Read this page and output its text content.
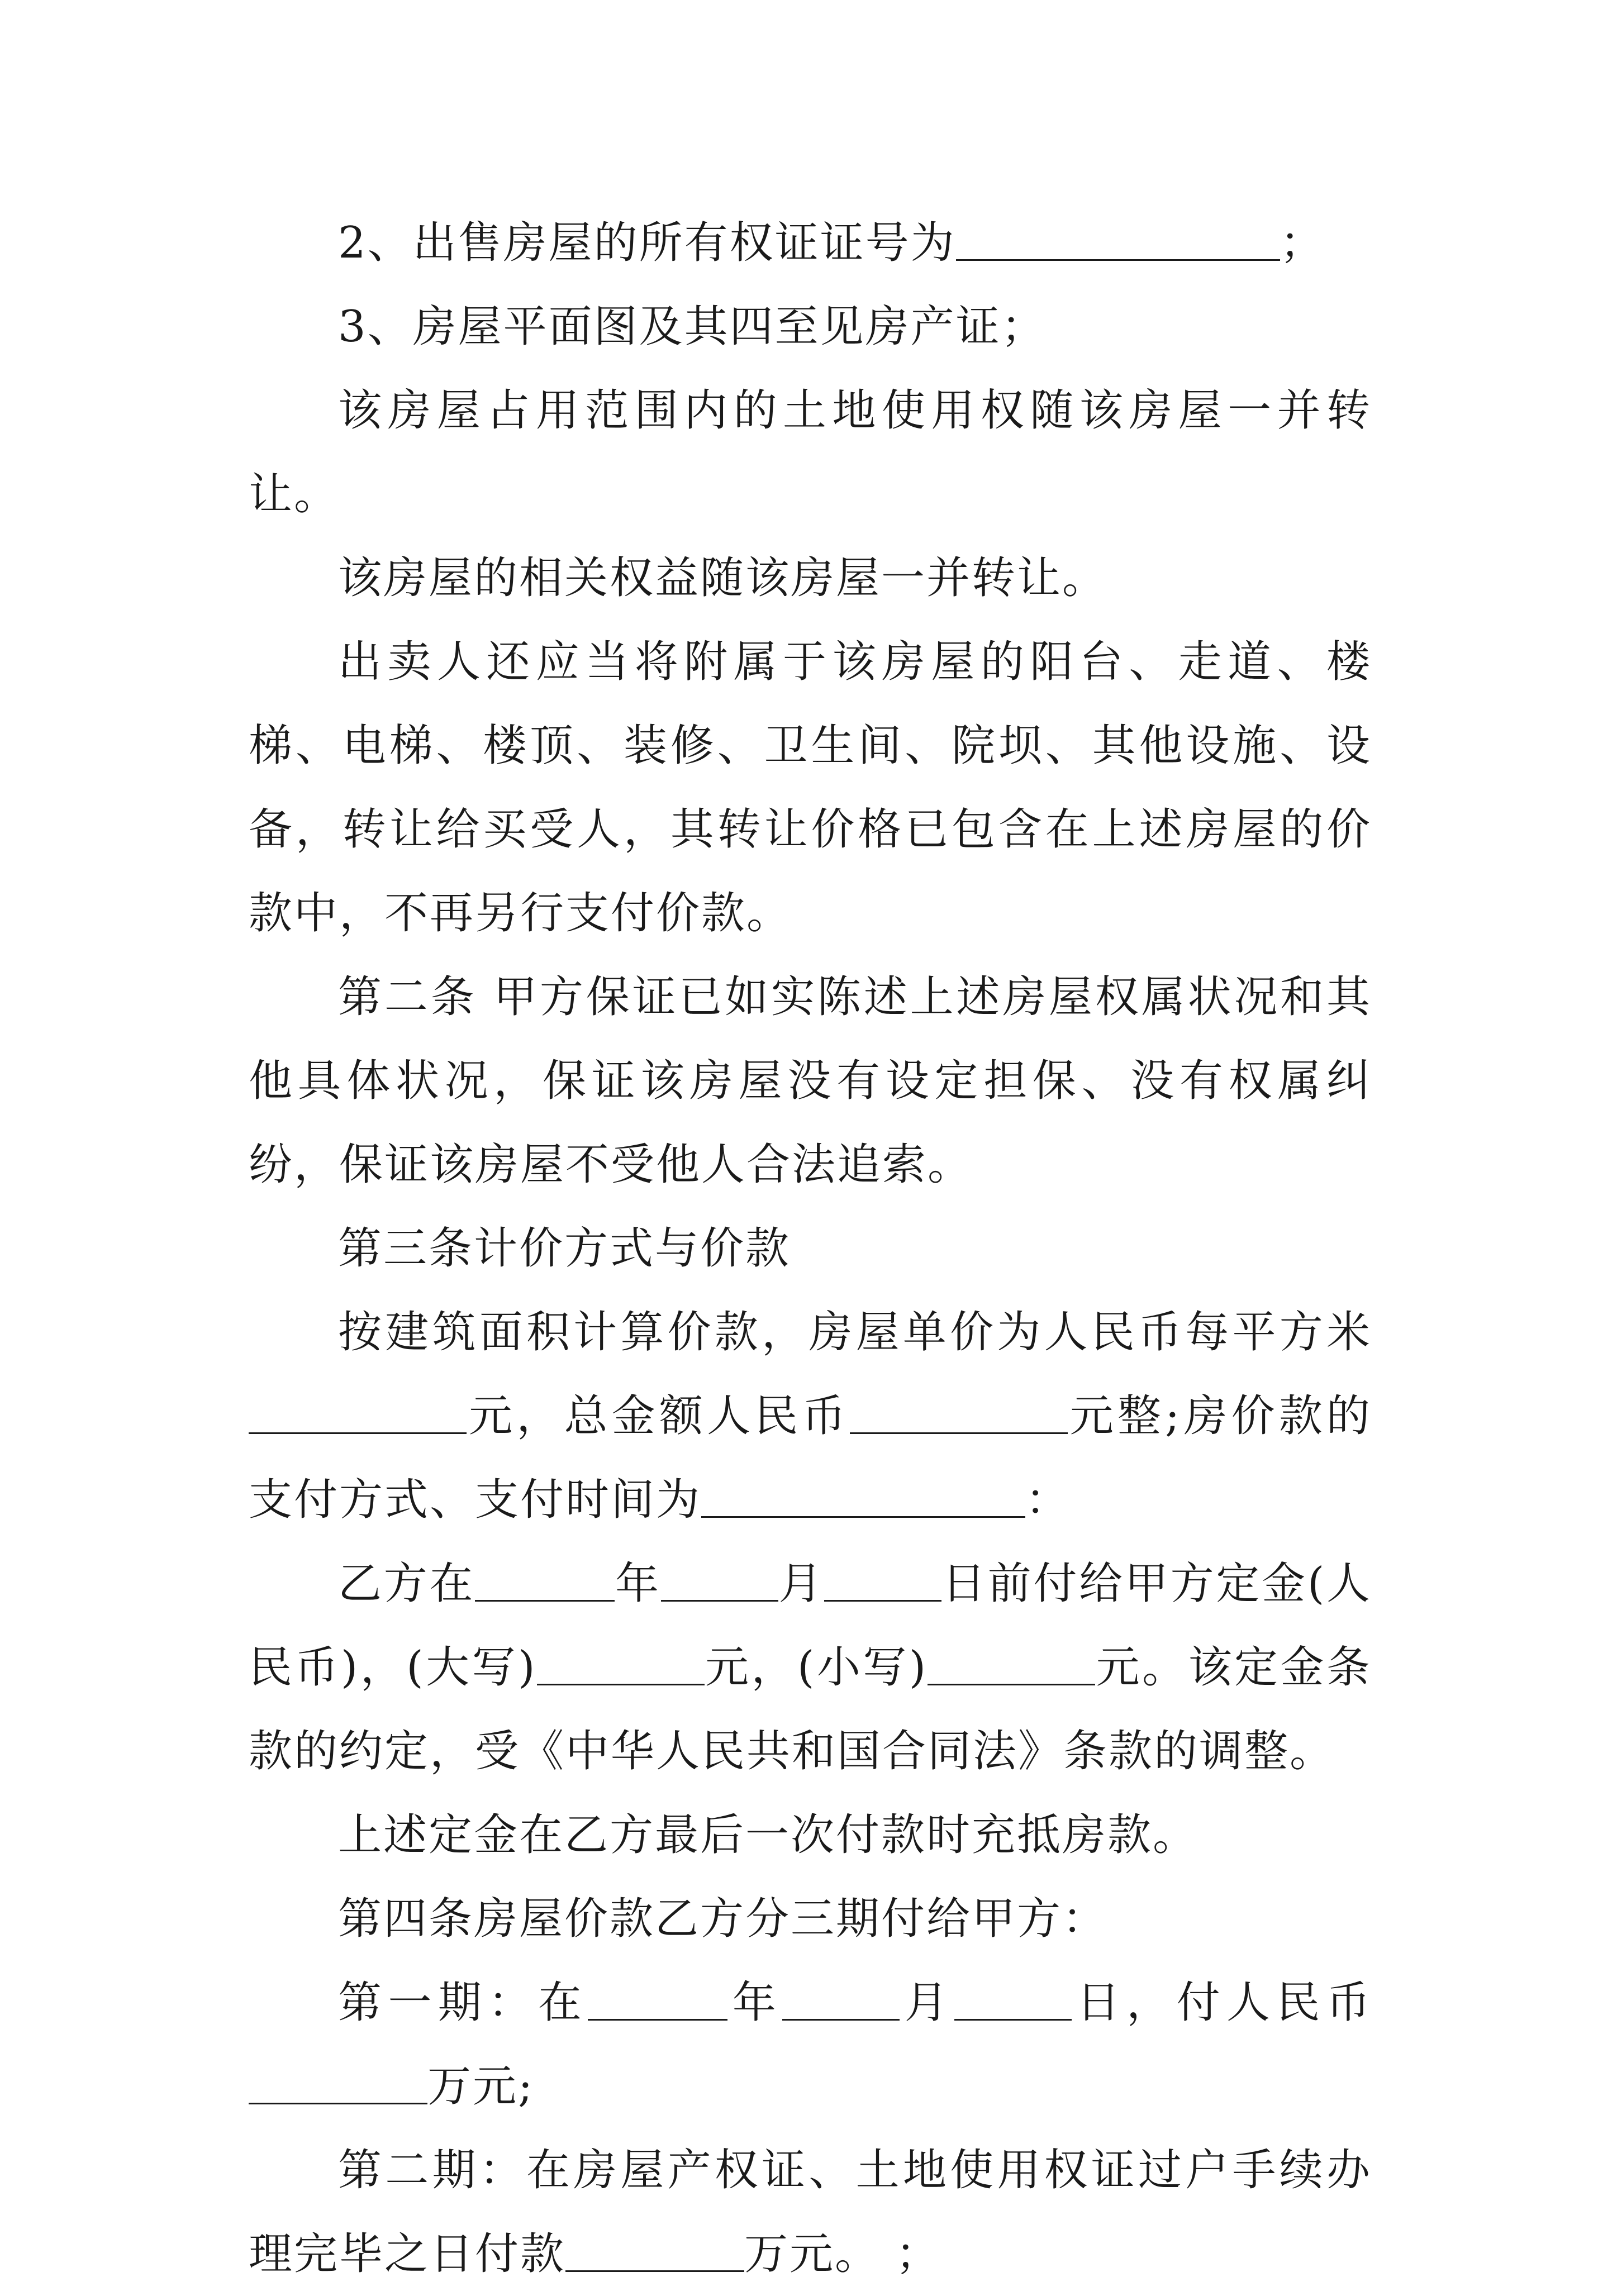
2、出售房屋的所有权证证号为	；

3、房屋平面图及其四至见房产证；

该房屋占用范围内的土地使用权随该房屋一并转让。

该房屋的相关权益随该房屋一并转让。

出卖人还应当将附属于该房屋的阳台、走道、楼梯、电梯、楼顶、装修、卫生间、院坝、其他设施、设备，转让给买受人，其转让价格已包含在上述房屋的价款中，不再另行支付价款。

第二条 甲方保证已如实陈述上述房屋权属状况和其他具体状况，保证该房屋没有设定担保、没有权属纠纷，保证该房屋不受他人合法追索。

第三条计价方式与价款

按建筑面积计算价款，房屋单价为人民币每平方米元，总金额人民币	元整;房价款的支付方式、支付时间为	：

乙方在	年	月	日前付给甲方定金(人民币)，(大写)	元，(小写)	元。该定金条款的约定，受《中华人民共和国合同法》条款的调整。

上述定金在乙方最后一次付款时充抵房款。

第四条房屋价款乙方分三期付给甲方：

第一期：在	年	月	日，付人民币万元;

第二期：在房屋产权证、土地使用权证过户手续办理完毕之日付款	万元。 ；
